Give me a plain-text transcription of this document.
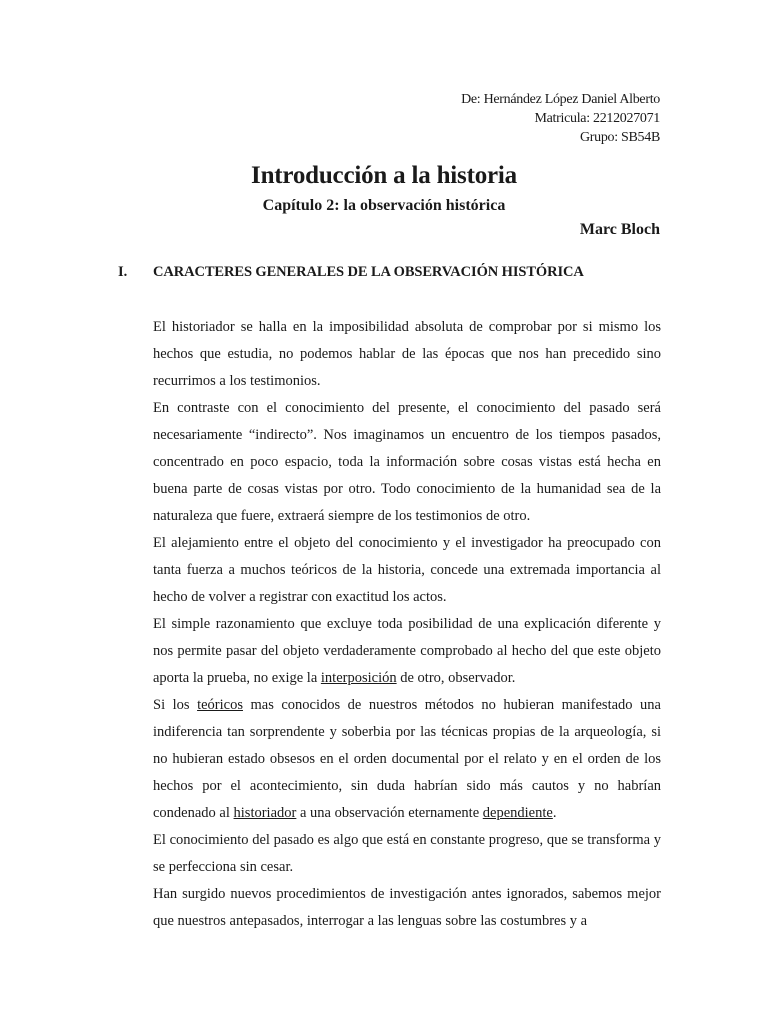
De: Hernández López Daniel Alberto
Matricula: 2212027071
Grupo: SB54B
Introducción a la historia
Capítulo 2: la observación histórica
Marc Bloch
I. CARACTERES GENERALES DE LA OBSERVACIÓN HISTÓRICA

El historiador se halla en la imposibilidad absoluta de comprobar por si mismo los hechos que estudia, no podemos hablar de las épocas que nos han precedido sino recurrimos a los testimonios.

En contraste con el conocimiento del presente, el conocimiento del pasado será necesariamente “indirecto”. Nos imaginamos un encuentro de los tiempos pasados, concentrado en poco espacio, toda la información sobre cosas vistas está hecha en buena parte de cosas vistas por otro. Todo conocimiento de la humanidad sea de la naturaleza que fuere, extraerá siempre de los testimonios de otro.

El alejamiento entre el objeto del conocimiento y el investigador ha preocupado con tanta fuerza a muchos teóricos de la historia, concede una extremada importancia al hecho de volver a registrar con exactitud los actos.

El simple razonamiento que excluye toda posibilidad de una explicación diferente y nos permite pasar del objeto verdaderamente comprobado al hecho del que este objeto aporta la prueba, no exige la interposición de otro, observador.

Si los teóricos mas conocidos de nuestros métodos no hubieran manifestado una indiferencia tan sorprendente y soberbia por las técnicas propias de la arqueología, si no hubieran estado obsesos en el orden documental por el relato y en el orden de los hechos por el acontecimiento, sin duda habrían sido más cautos y no habrían condenado al historiador a una observación eternamente dependiente.

El conocimiento del pasado es algo que está en constante progreso, que se transforma y se perfecciona sin cesar.

Han surgido nuevos procedimientos de investigación antes ignorados, sabemos mejor que nuestros antepasados, interrogar a las lenguas sobre las costumbres y a
